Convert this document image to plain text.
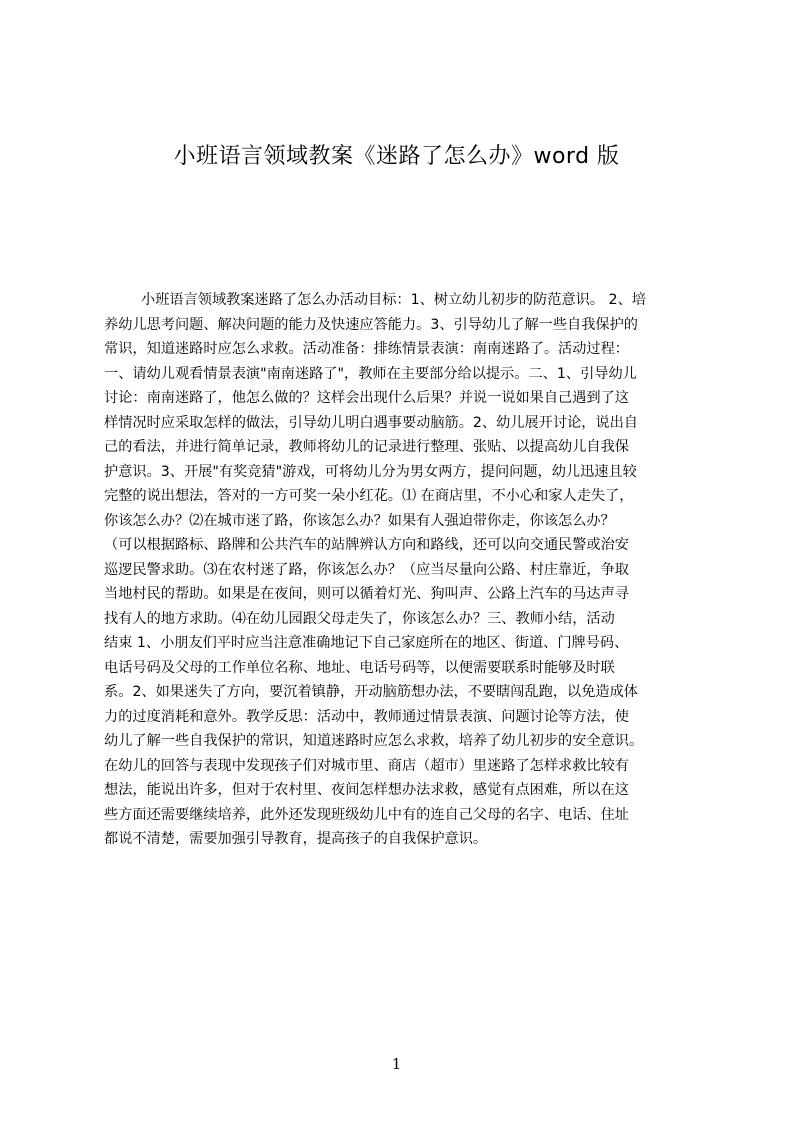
小班语言领域教案《迷路了怎么办》word 版
小班语言领域教案迷路了怎么办活动目标：1、树立幼儿初步的防范意识。 2、培
养幼儿思考问题、解决问题的能力及快速应答能力。3、引导幼儿了解一些自我保护的
常识，知道迷路时应怎么求救。活动准备：排练情景表演：南南迷路了。活动过程：
一、请幼儿观看情景表演"南南迷路了"，教师在主要部分给以提示。二、1、引导幼儿
讨论：南南迷路了，他怎么做的？这样会出现什么后果？并说一说如果自己遇到了这
样情况时应采取怎样的做法，引导幼儿明白遇事要动脑筋。2、幼儿展开讨论，说出自
己的看法，并进行简单记录，教师将幼儿的记录进行整理、张贴、以提高幼儿自我保
护意识。3、开展"有奖竞猜"游戏，可将幼儿分为男女两方，提问问题，幼儿迅速且较
完整的说出想法，答对的一方可奖一朵小红花。⑴ 在商店里，不小心和家人走失了，
你该怎么办？⑵在城市迷了路，你该怎么办？如果有人强迫带你走，你该怎么办？
（可以根据路标、路牌和公共汽车的站牌辨认方向和路线，还可以向交通民警或治安
巡逻民警求助。⑶在农村迷了路，你该怎么办？（应当尽量向公路、村庄靠近，争取
当地村民的帮助。如果是在夜间，则可以循着灯光、狗叫声、公路上汽车的马达声寻
找有人的地方求助。⑷在幼儿园跟父母走失了，你该怎么办？三、教师小结，活动
结束 1、小朋友们平时应当注意准确地记下自己家庭所在的地区、街道、门牌号码、
电话号码及父母的工作单位名称、地址、电话号码等，以便需要联系时能够及时联
系。2、如果迷失了方向，要沉着镇静，开动脑筋想办法，不要瞎闯乱跑，以免造成体
力的过度消耗和意外。教学反思：活动中，教师通过情景表演、问题讨论等方法，使
幼儿了解一些自我保护的常识，知道迷路时应怎么求救，培养了幼儿初步的安全意识。
在幼儿的回答与表现中发现孩子们对城市里、商店（超市）里迷路了怎样求救比较有
想法，能说出许多，但对于农村里、夜间怎样想办法求救，感觉有点困难，所以在这
些方面还需要继续培养，此外还发现班级幼儿中有的连自己父母的名字、电话、住址
都说不清楚，需要加强引导教育，提高孩子的自我保护意识。
1
